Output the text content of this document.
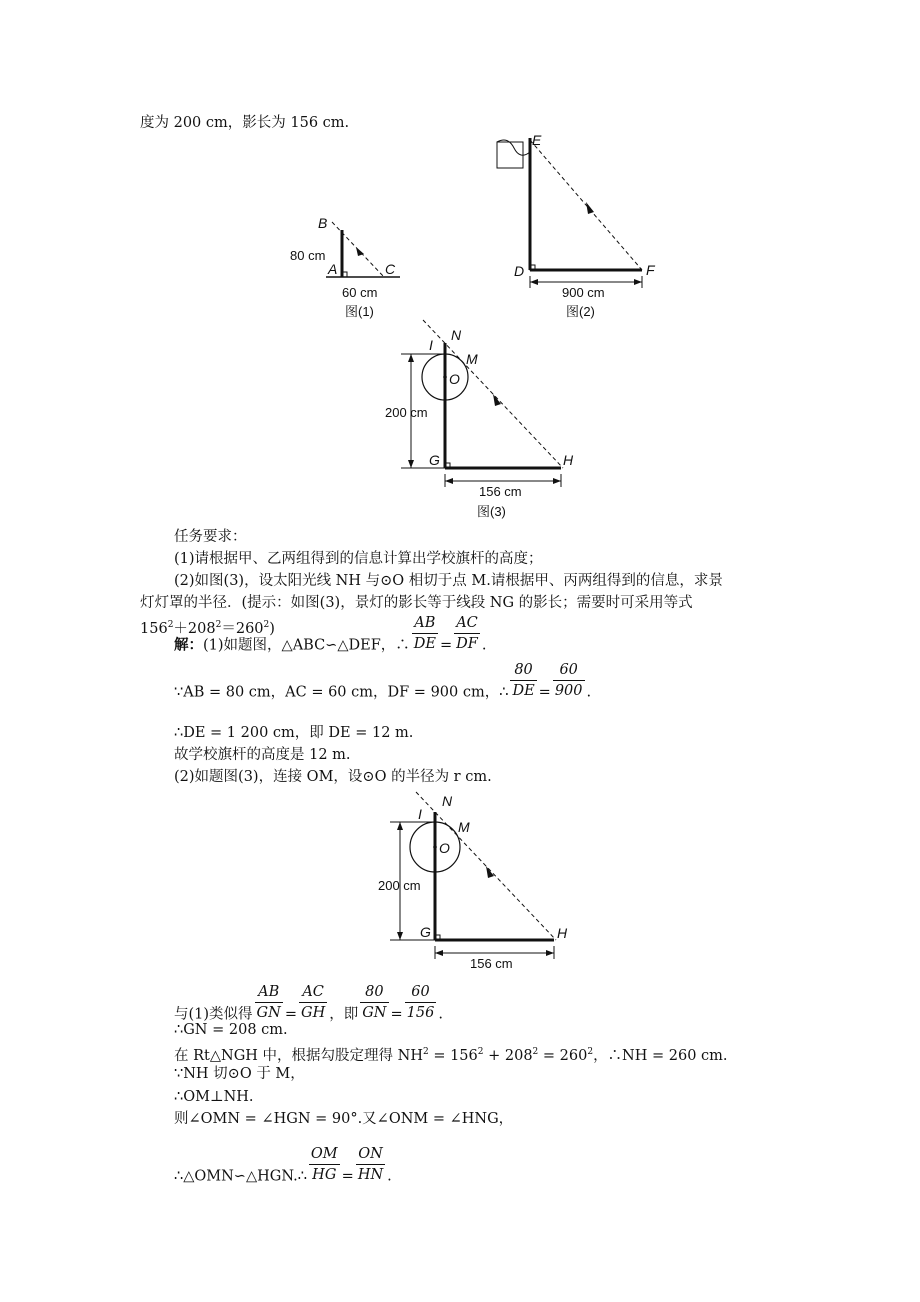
度为 200 cm，影长为 156 cm.
B
A	C
80 cm
60 cm
图(1)
E
D	F
900 cm
图(2)
N
I
M
O
G	H
200 cm
156 cm
图(3)
任务要求：
(1)请根据甲、乙两组得到的信息计算出学校旗杆的高度；
(2)如图(3)，设太阳光线 NH 与⊙O 相切于点 M.请根据甲、丙两组得到的信息，求景
灯灯罩的半径．(提示：如图(3)，景灯的影长等于线段 NG 的影长；需要时可采用等式
$156^2+208^2=260^2$)
解：(1)如题图，△ABC∽△DEF，∴ $\frac{AB}{DE} = \frac{AC}{DF}$ .
∵AB = 80 cm，AC = 60 cm，DF = 900 cm，∴ $\frac{80}{DE} = \frac{60}{900}$ .
∴DE = 1 200 cm，即 DE = 12 m.
故学校旗杆的高度是 12 m.
(2)如题图(3)，连接 OM，设⊙O 的半径为 r cm.
N
I
M
O
G	H
200 cm
156 cm
与(1)类似得 $\frac{AB}{GN} = \frac{AC}{GH}$ ，即 $\frac{80}{GN} = \frac{60}{156}$ .
∴GN = 208 cm.
在 Rt△NGH 中，根据勾股定理得 $NH^2 = 156^2 + 208^2 = 260^2$，∴NH = 260 cm.
∵NH 切⊙O 于 M，
∴OM⊥NH.
则∠OMN = ∠HGN = 90°.又∠ONM = ∠HNG，
∴△OMN∽△HGN.∴ $\frac{OM}{HG} = \frac{ON}{HN}$ .
